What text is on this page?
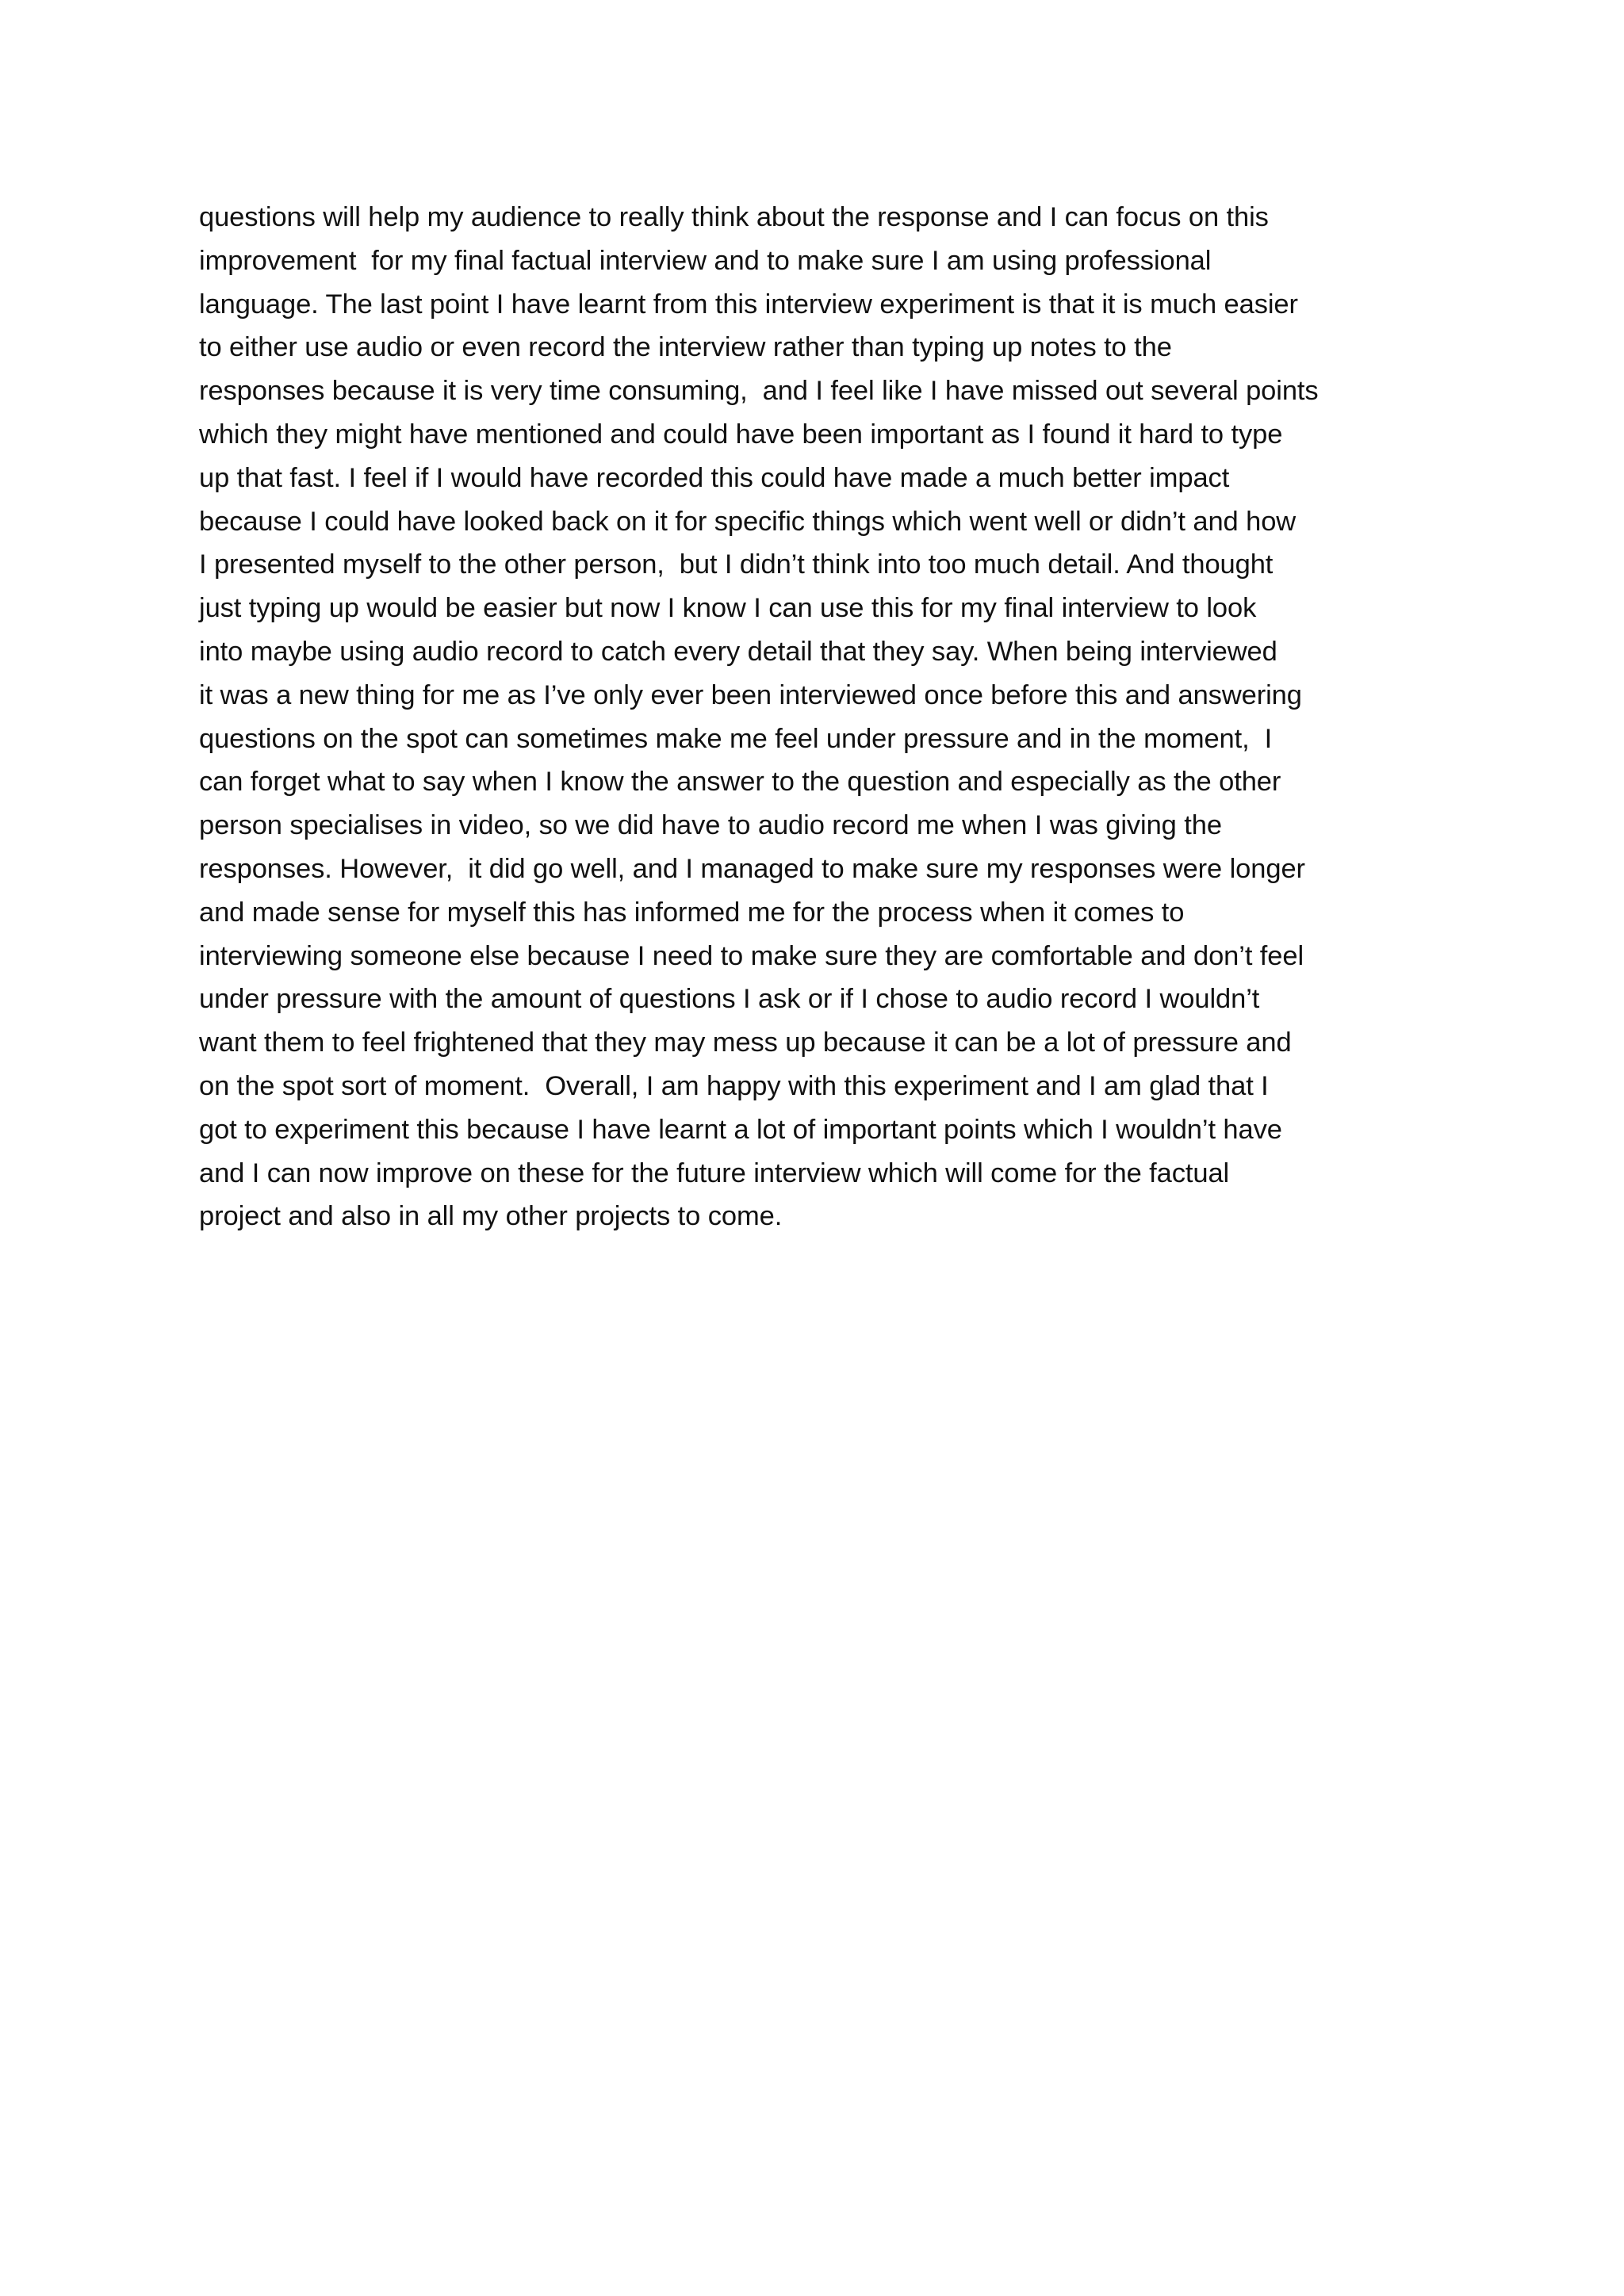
questions will help my audience to really think about the response and I can focus on this
improvement  for my final factual interview and to make sure I am using professional
language. The last point I have learnt from this interview experiment is that it is much easier
to either use audio or even record the interview rather than typing up notes to the
responses because it is very time consuming,  and I feel like I have missed out several points
which they might have mentioned and could have been important as I found it hard to type
up that fast. I feel if I would have recorded this could have made a much better impact
because I could have looked back on it for specific things which went well or didn’t and how
I presented myself to the other person,  but I didn’t think into too much detail. And thought
just typing up would be easier but now I know I can use this for my final interview to look
into maybe using audio record to catch every detail that they say. When being interviewed
it was a new thing for me as I’ve only ever been interviewed once before this and answering
questions on the spot can sometimes make me feel under pressure and in the moment,  I
can forget what to say when I know the answer to the question and especially as the other
person specialises in video, so we did have to audio record me when I was giving the
responses. However,  it did go well, and I managed to make sure my responses were longer
and made sense for myself this has informed me for the process when it comes to
interviewing someone else because I need to make sure they are comfortable and don’t feel
under pressure with the amount of questions I ask or if I chose to audio record I wouldn’t
want them to feel frightened that they may mess up because it can be a lot of pressure and
on the spot sort of moment.  Overall, I am happy with this experiment and I am glad that I
got to experiment this because I have learnt a lot of important points which I wouldn’t have
and I can now improve on these for the future interview which will come for the factual
project and also in all my other projects to come.
